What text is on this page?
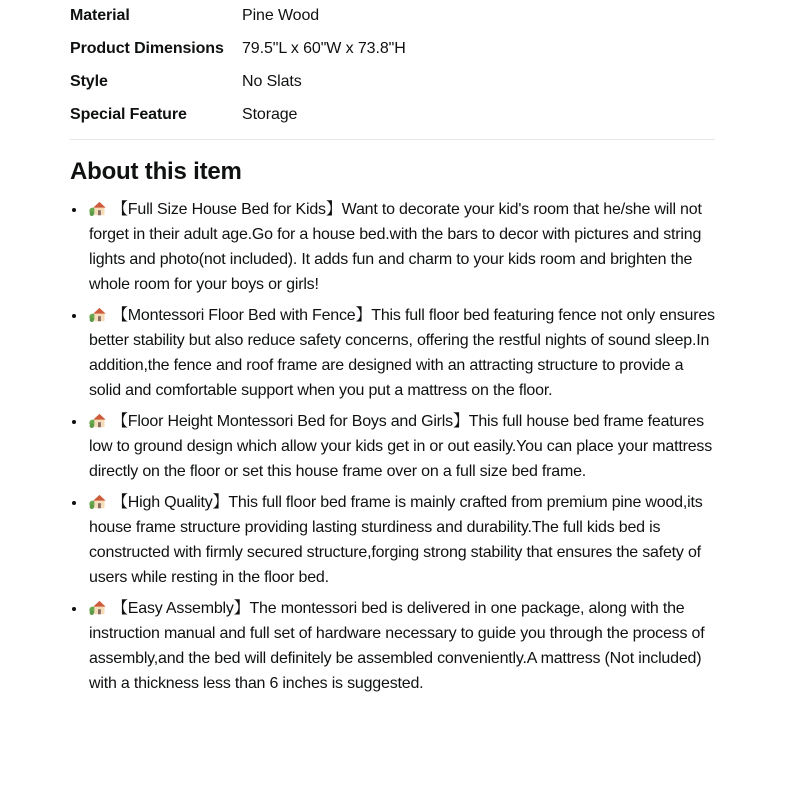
Material	Pine Wood
Product Dimensions	79.5"L x 60"W x 73.8"H
Style	No Slats
Special Feature	Storage
About this item
• 【Full Size House Bed for Kids】Want to decorate your kid's room that he/she will not forget in their adult age.Go for a house bed.with the bars to decor with pictures and string lights and photo(not included). It adds fun and charm to your kids room and brighten the whole room for your boys or girls!
• 【Montessori Floor Bed with Fence】This full floor bed featuring fence not only ensures better stability but also reduce safety concerns, offering the restful nights of sound sleep.In addition,the fence and roof frame are designed with an attracting structure to provide a solid and comfortable support when you put a mattress on the floor.
• 【Floor Height Montessori Bed for Boys and Girls】This full house bed frame features low to ground design which allow your kids get in or out easily.You can place your mattress directly on the floor or set this house frame over on a full size bed frame.
• 【High Quality】This full floor bed frame is mainly crafted from premium pine wood,its house frame structure providing lasting sturdiness and durability.The full kids bed is constructed with firmly secured structure,forging strong stability that ensures the safety of users while resting in the floor bed.
• 【Easy Assembly】The montessori bed is delivered in one package, along with the instruction manual and full set of hardware necessary to guide you through the process of assembly,and the bed will definitely be assembled conveniently.A mattress (Not included) with a thickness less than 6 inches is suggested.
